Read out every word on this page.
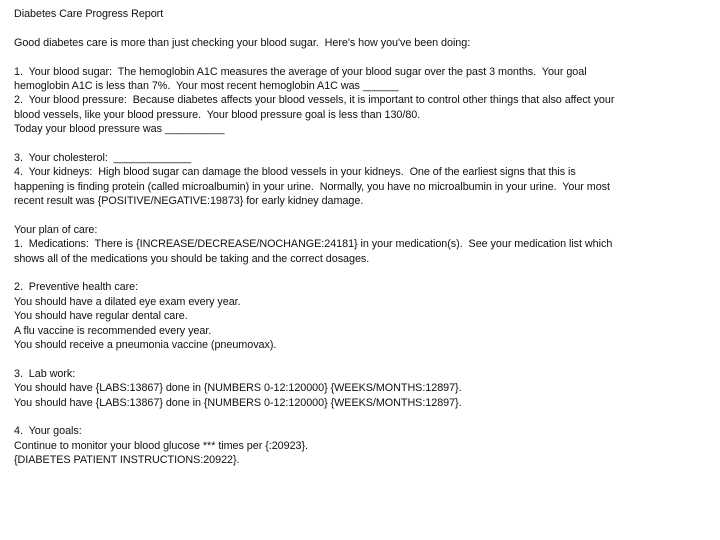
Diabetes Care Progress Report
Good diabetes care is more than just checking your blood sugar.  Here's how you've been doing:
1.  Your blood sugar:  The hemoglobin A1C measures the average of your blood sugar over the past 3 months.  Your goal
hemoglobin A1C is less than 7%.  Your most recent hemoglobin A1C was ______
2.  Your blood pressure:  Because diabetes affects your blood vessels, it is important to control other things that also affect your
blood vessels, like your blood pressure.  Your blood pressure goal is less than 130/80.
Today your blood pressure was __________
3.  Your cholesterol:  _____________
4.  Your kidneys:  High blood sugar can damage the blood vessels in your kidneys.  One of the earliest signs that this is
happening is finding protein (called microalbumin) in your urine.  Normally, you have no microalbumin in your urine.  Your most
recent result was {POSITIVE/NEGATIVE:19873} for early kidney damage.
Your plan of care:
1.  Medications:  There is {INCREASE/DECREASE/NOCHANGE:24181} in your medication(s).  See your medication list which
shows all of the medications you should be taking and the correct dosages.
2.  Preventive health care:
You should have a dilated eye exam every year.
You should have regular dental care.
A flu vaccine is recommended every year.
You should receive a pneumonia vaccine (pneumovax).
3.  Lab work:
You should have {LABS:13867} done in {NUMBERS 0-12:120000} {WEEKS/MONTHS:12897}.
You should have {LABS:13867} done in {NUMBERS 0-12:120000} {WEEKS/MONTHS:12897}.
4.  Your goals:
Continue to monitor your blood glucose *** times per {:20923}.
{DIABETES PATIENT INSTRUCTIONS:20922}.
